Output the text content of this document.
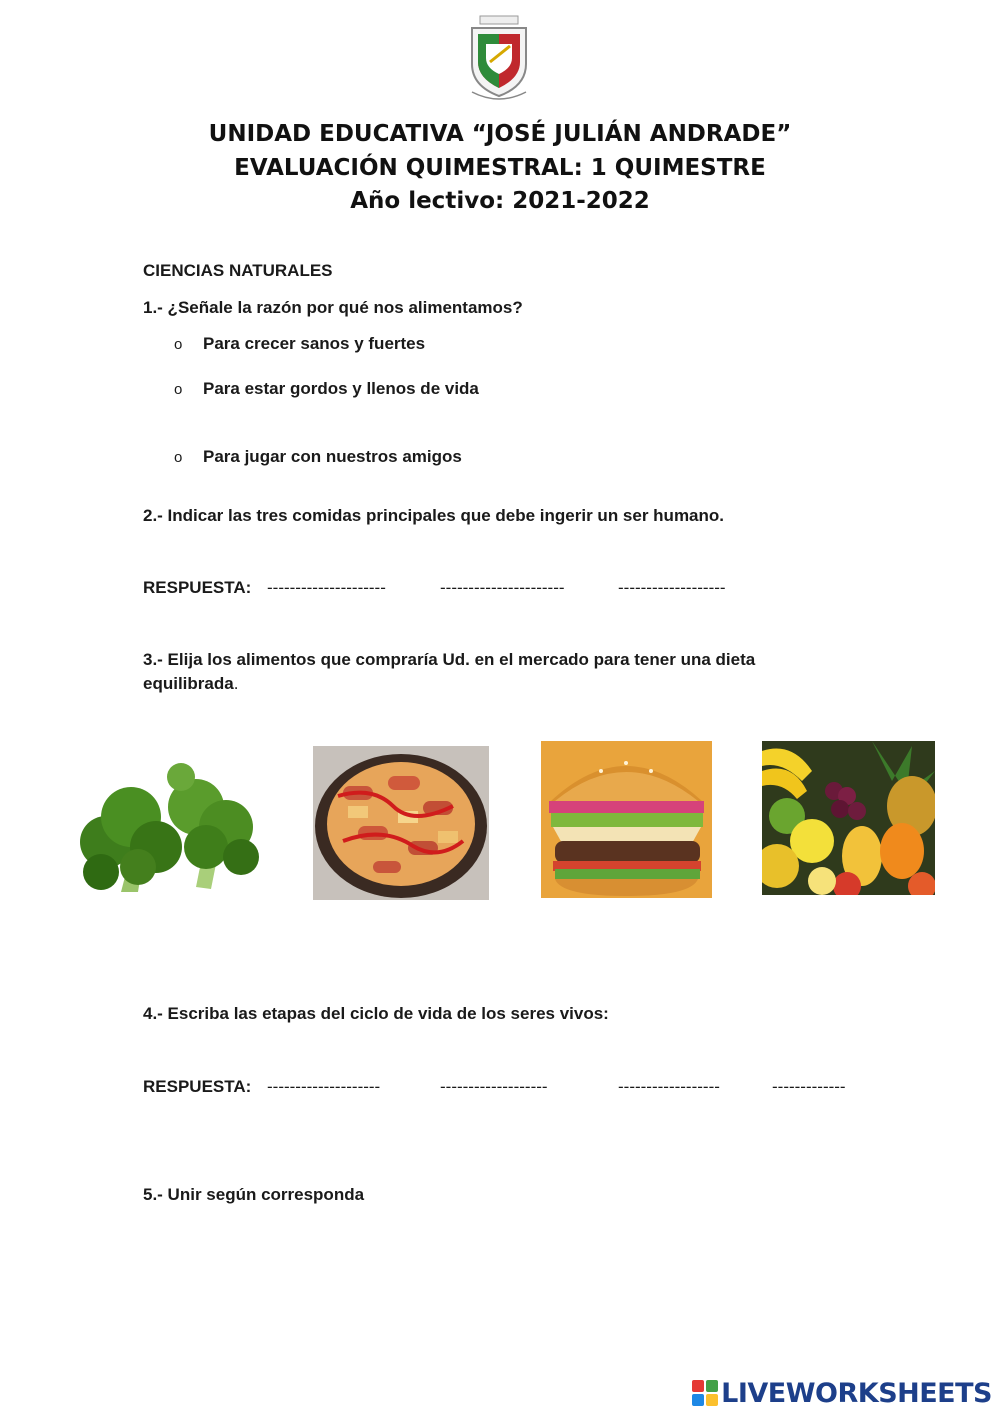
UNIDAD EDUCATIVA “JOSÉ JULIÁN ANDRADE”
EVALUACIÓN QUIMESTRAL: 1 QUIMESTRE
Año lectivo: 2021-2022
CIENCIAS NATURALES
1.- ¿Señale la razón por qué nos alimentamos?
o Para crecer sanos y fuertes
o Para estar gordos y llenos de vida
o Para jugar con nuestros amigos
2.- Indicar las tres comidas principales que debe ingerir un ser humano.
RESPUESTA: ---------------------	----------------------	-------------------
3.- Elija los alimentos que compraría Ud. en el mercado para tener una dieta
equilibrada.
4.- Escriba las etapas del ciclo de vida de los seres vivos:
RESPUESTA: --------------------	-------------------	------------------	-------------
5.- Unir según corresponda
LIVEWORKSHEETS
